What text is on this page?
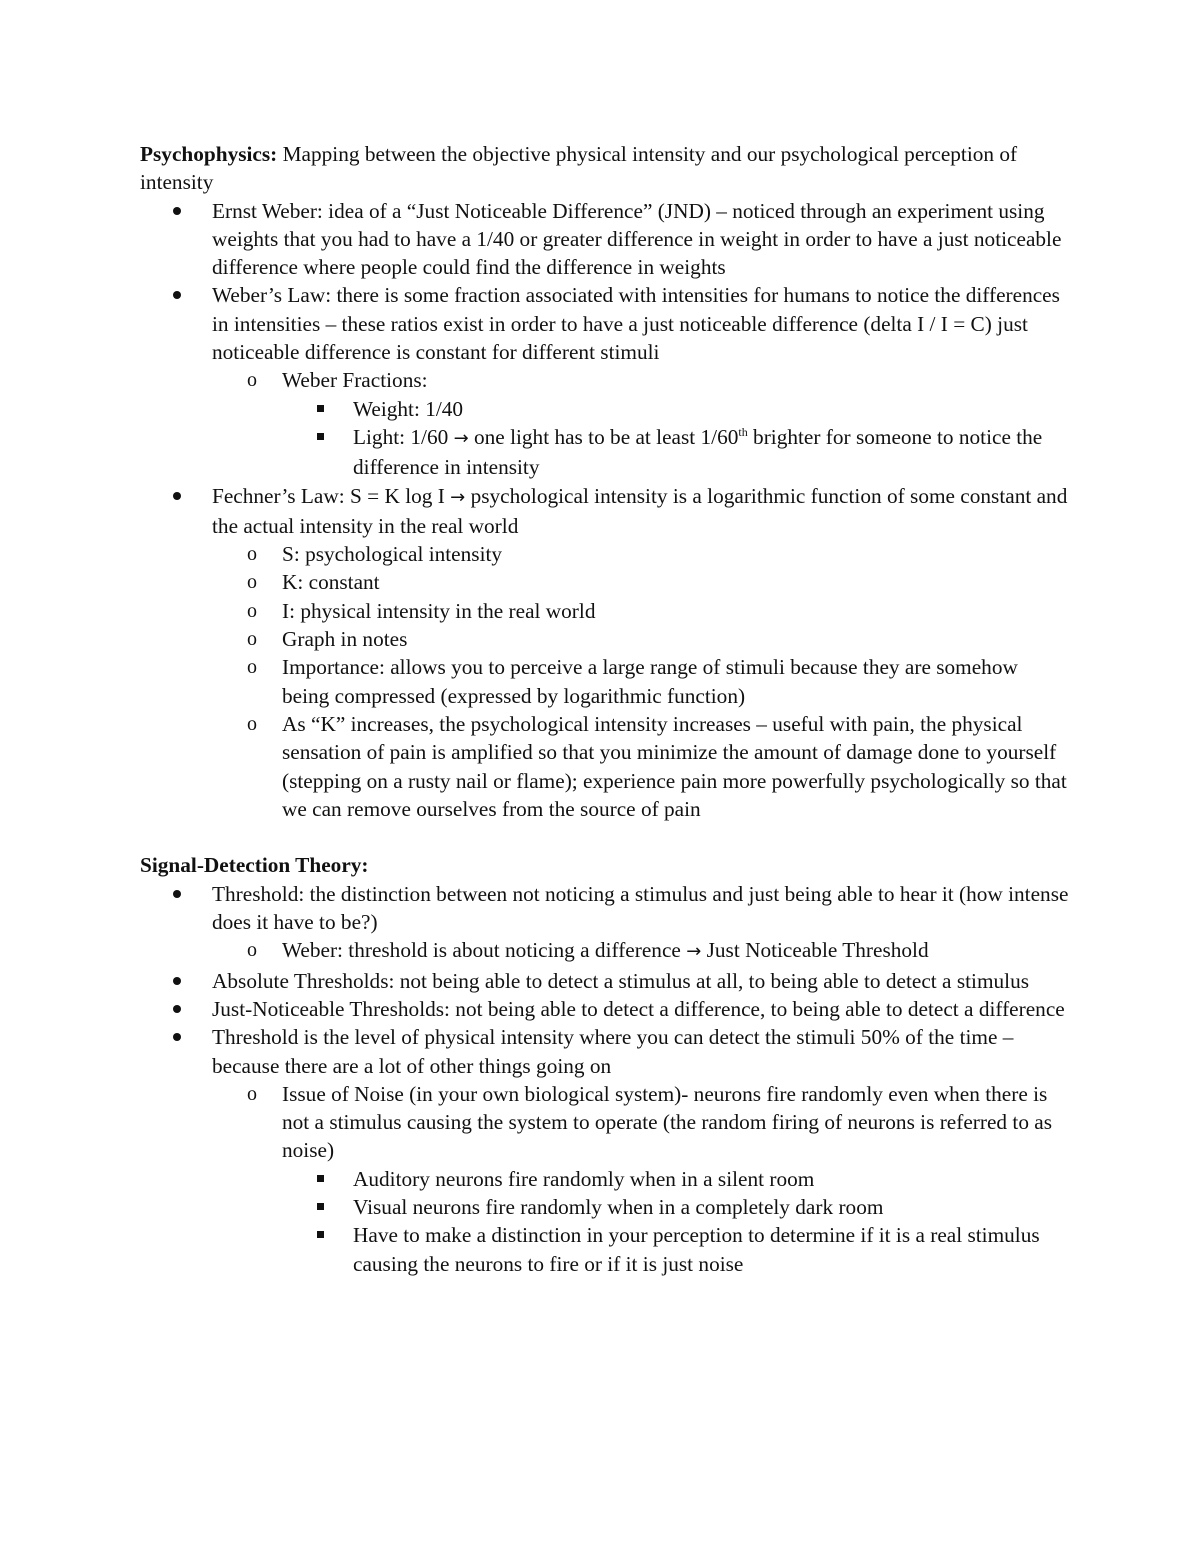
Psychophysics: Mapping between the objective physical intensity and our psychological perception of intensity

Ernst Weber: idea of a “Just Noticeable Difference” (JND) – noticed through an experiment using weights that you had to have a 1/40 or greater difference in weight in order to have a just noticeable difference where people could find the difference in weights
Weber’s Law: there is some fraction associated with intensities for humans to notice the differences in intensities – these ratios exist in order to have a just noticeable difference (delta I / I = C) just noticeable difference is constant for different stimuli
o Weber Fractions:
Weight: 1/40
Light: 1/60 → one light has to be at least 1/60th brighter for someone to notice the difference in intensity
Fechner’s Law: S = K log I → psychological intensity is a logarithmic function of some constant and the actual intensity in the real world
o S: psychological intensity
o K: constant
o I: physical intensity in the real world
o Graph in notes
o Importance: allows you to perceive a large range of stimuli because they are somehow being compressed (expressed by logarithmic function)
o As “K” increases, the psychological intensity increases – useful with pain, the physical sensation of pain is amplified so that you minimize the amount of damage done to yourself (stepping on a rusty nail or flame); experience pain more powerfully psychologically so that we can remove ourselves from the source of pain

Signal-Detection Theory:

Threshold: the distinction between not noticing a stimulus and just being able to hear it (how intense does it have to be?)
o Weber: threshold is about noticing a difference → Just Noticeable Threshold
Absolute Thresholds: not being able to detect a stimulus at all, to being able to detect a stimulus
Just-Noticeable Thresholds: not being able to detect a difference, to being able to detect a difference
Threshold is the level of physical intensity where you can detect the stimuli 50% of the time – because there are a lot of other things going on
o Issue of Noise (in your own biological system)- neurons fire randomly even when there is not a stimulus causing the system to operate (the random firing of neurons is referred to as noise)
Auditory neurons fire randomly when in a silent room
Visual neurons fire randomly when in a completely dark room
Have to make a distinction in your perception to determine if it is a real stimulus causing the neurons to fire or if it is just noise
